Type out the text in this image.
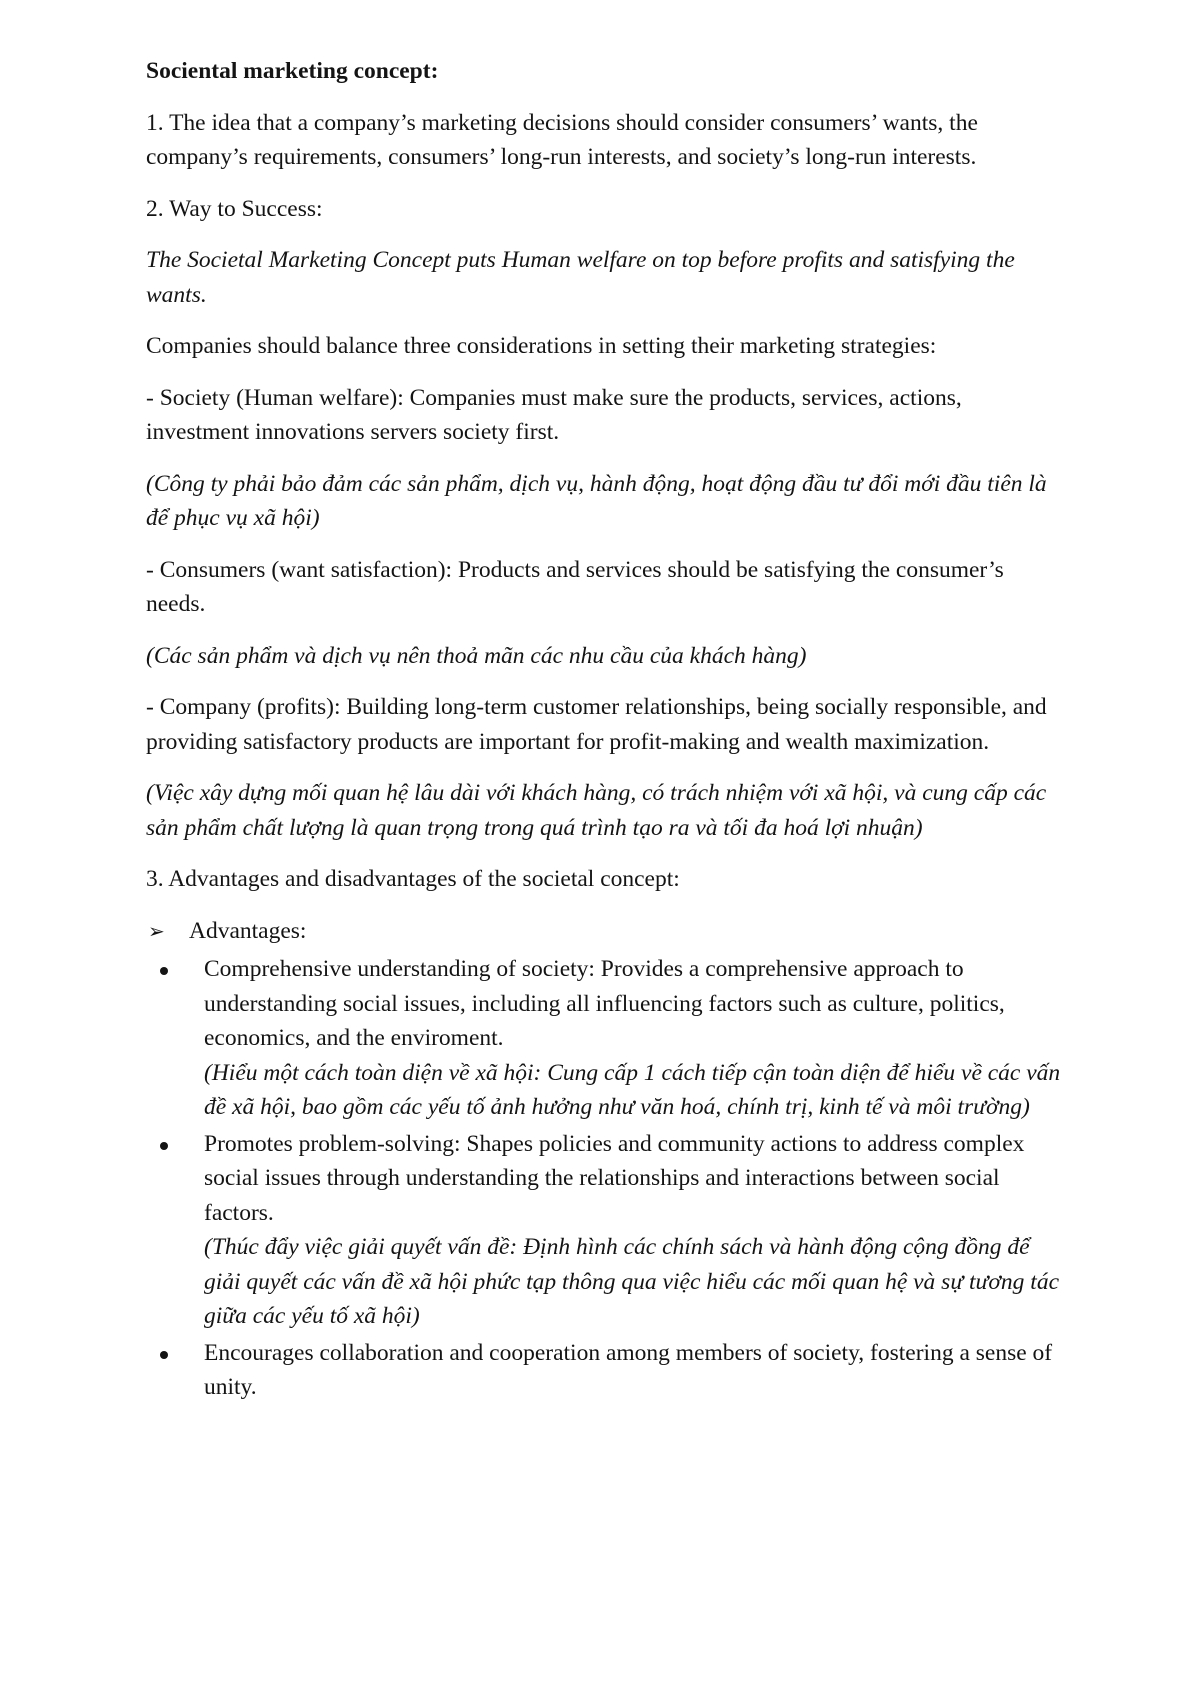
Sociental marketing concept:

1. The idea that a company’s marketing decisions should consider consumers’ wants, the company’s requirements, consumers’ long-run interests, and society’s long-run interests.

2. Way to Success:

The Societal Marketing Concept puts Human welfare on top before profits and satisfying the wants.

Companies should balance three considerations in setting their marketing strategies:

- Society (Human welfare): Companies must make sure the products, services, actions, investment innovations servers society first.

(Công ty phải bảo đảm các sản phẩm, dịch vụ, hành động, hoạt động đầu tư đổi mới đầu tiên là để phục vụ xã hội)

- Consumers (want satisfaction): Products and services should be satisfying the consumer’s needs.

(Các sản phẩm và dịch vụ nên thoả mãn các nhu cầu của khách hàng)

- Company (profits): Building long-term customer relationships, being socially responsible, and providing satisfactory products are important for profit-making and wealth maximization.

(Việc xây dựng mối quan hệ lâu dài với khách hàng, có trách nhiệm với xã hội, và cung cấp các sản phẩm chất lượng là quan trọng trong quá trình tạo ra và tối đa hoá lợi nhuận)

3. Advantages and disadvantages of the societal concept:

➢ Advantages:
Comprehensive understanding of society: Provides a comprehensive approach to understanding social issues, including all influencing factors such as culture, politics, economics, and the enviroment.
(Hiểu một cách toàn diện về xã hội: Cung cấp 1 cách tiếp cận toàn diện để hiểu về các vấn đề xã hội, bao gồm các yếu tố ảnh hưởng như văn hoá, chính trị, kinh tế và môi trường)
Promotes problem-solving: Shapes policies and community actions to address complex social issues through understanding the relationships and interactions between social factors.
(Thúc đẩy việc giải quyết vấn đề: Định hình các chính sách và hành động cộng đồng để giải quyết các vấn đề xã hội phức tạp thông qua việc hiểu các mối quan hệ và sự tương tác giữa các yếu tố xã hội)
Encourages collaboration and cooperation among members of society, fostering a sense of unity.
